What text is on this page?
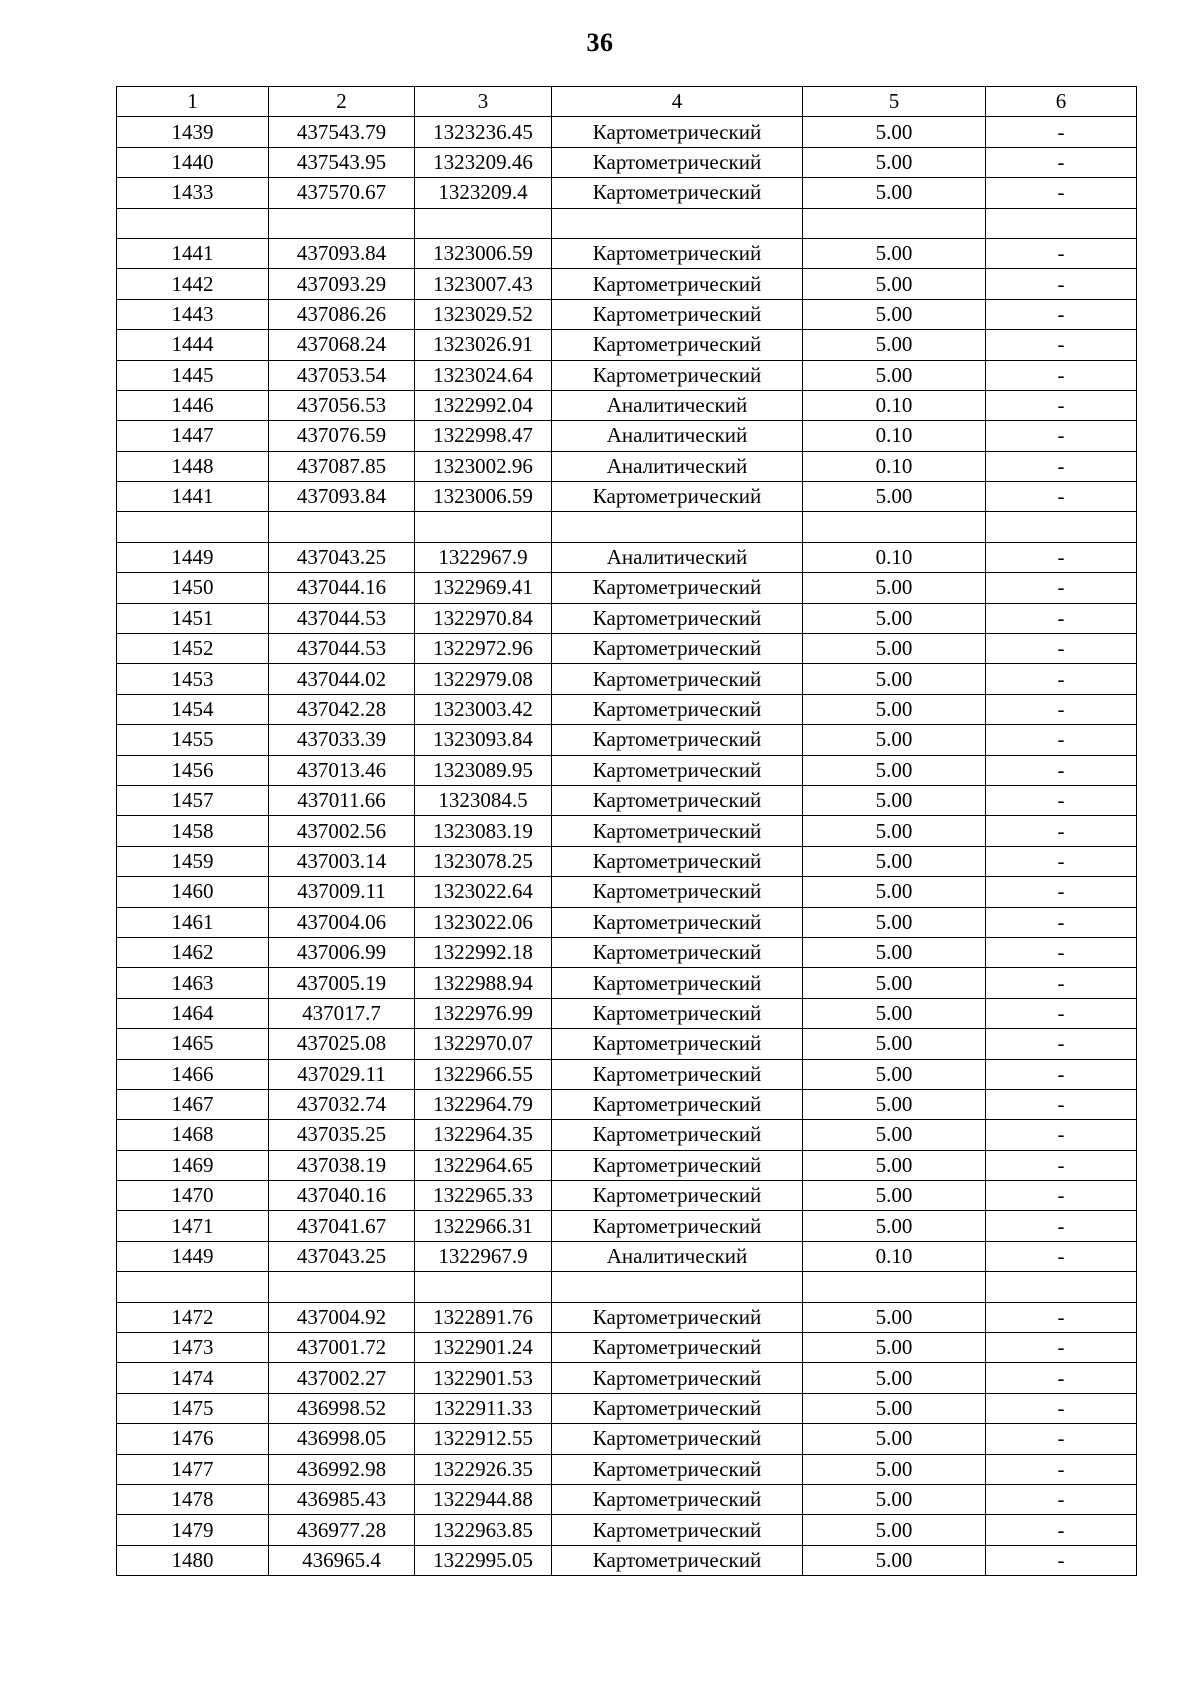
36
1	2	3	4	5	6
1439	437543.79	1323236.45	Картометрический	5.00	-
1440	437543.95	1323209.46	Картометрический	5.00	-
1433	437570.67	1323209.4	Картометрический	5.00	-

1441	437093.84	1323006.59	Картометрический	5.00	-
1442	437093.29	1323007.43	Картометрический	5.00	-
1443	437086.26	1323029.52	Картометрический	5.00	-
1444	437068.24	1323026.91	Картометрический	5.00	-
1445	437053.54	1323024.64	Картометрический	5.00	-
1446	437056.53	1322992.04	Аналитический	0.10	-
1447	437076.59	1322998.47	Аналитический	0.10	-
1448	437087.85	1323002.96	Аналитический	0.10	-
1441	437093.84	1323006.59	Картометрический	5.00	-

1449	437043.25	1322967.9	Аналитический	0.10	-
1450	437044.16	1322969.41	Картометрический	5.00	-
1451	437044.53	1322970.84	Картометрический	5.00	-
1452	437044.53	1322972.96	Картометрический	5.00	-
1453	437044.02	1322979.08	Картометрический	5.00	-
1454	437042.28	1323003.42	Картометрический	5.00	-
1455	437033.39	1323093.84	Картометрический	5.00	-
1456	437013.46	1323089.95	Картометрический	5.00	-
1457	437011.66	1323084.5	Картометрический	5.00	-
1458	437002.56	1323083.19	Картометрический	5.00	-
1459	437003.14	1323078.25	Картометрический	5.00	-
1460	437009.11	1323022.64	Картометрический	5.00	-
1461	437004.06	1323022.06	Картометрический	5.00	-
1462	437006.99	1322992.18	Картометрический	5.00	-
1463	437005.19	1322988.94	Картометрический	5.00	-
1464	437017.7	1322976.99	Картометрический	5.00	-
1465	437025.08	1322970.07	Картометрический	5.00	-
1466	437029.11	1322966.55	Картометрический	5.00	-
1467	437032.74	1322964.79	Картометрический	5.00	-
1468	437035.25	1322964.35	Картометрический	5.00	-
1469	437038.19	1322964.65	Картометрический	5.00	-
1470	437040.16	1322965.33	Картометрический	5.00	-
1471	437041.67	1322966.31	Картометрический	5.00	-
1449	437043.25	1322967.9	Аналитический	0.10	-

1472	437004.92	1322891.76	Картометрический	5.00	-
1473	437001.72	1322901.24	Картометрический	5.00	-
1474	437002.27	1322901.53	Картометрический	5.00	-
1475	436998.52	1322911.33	Картометрический	5.00	-
1476	436998.05	1322912.55	Картометрический	5.00	-
1477	436992.98	1322926.35	Картометрический	5.00	-
1478	436985.43	1322944.88	Картометрический	5.00	-
1479	436977.28	1322963.85	Картометрический	5.00	-
1480	436965.4	1322995.05	Картометрический	5.00	-
